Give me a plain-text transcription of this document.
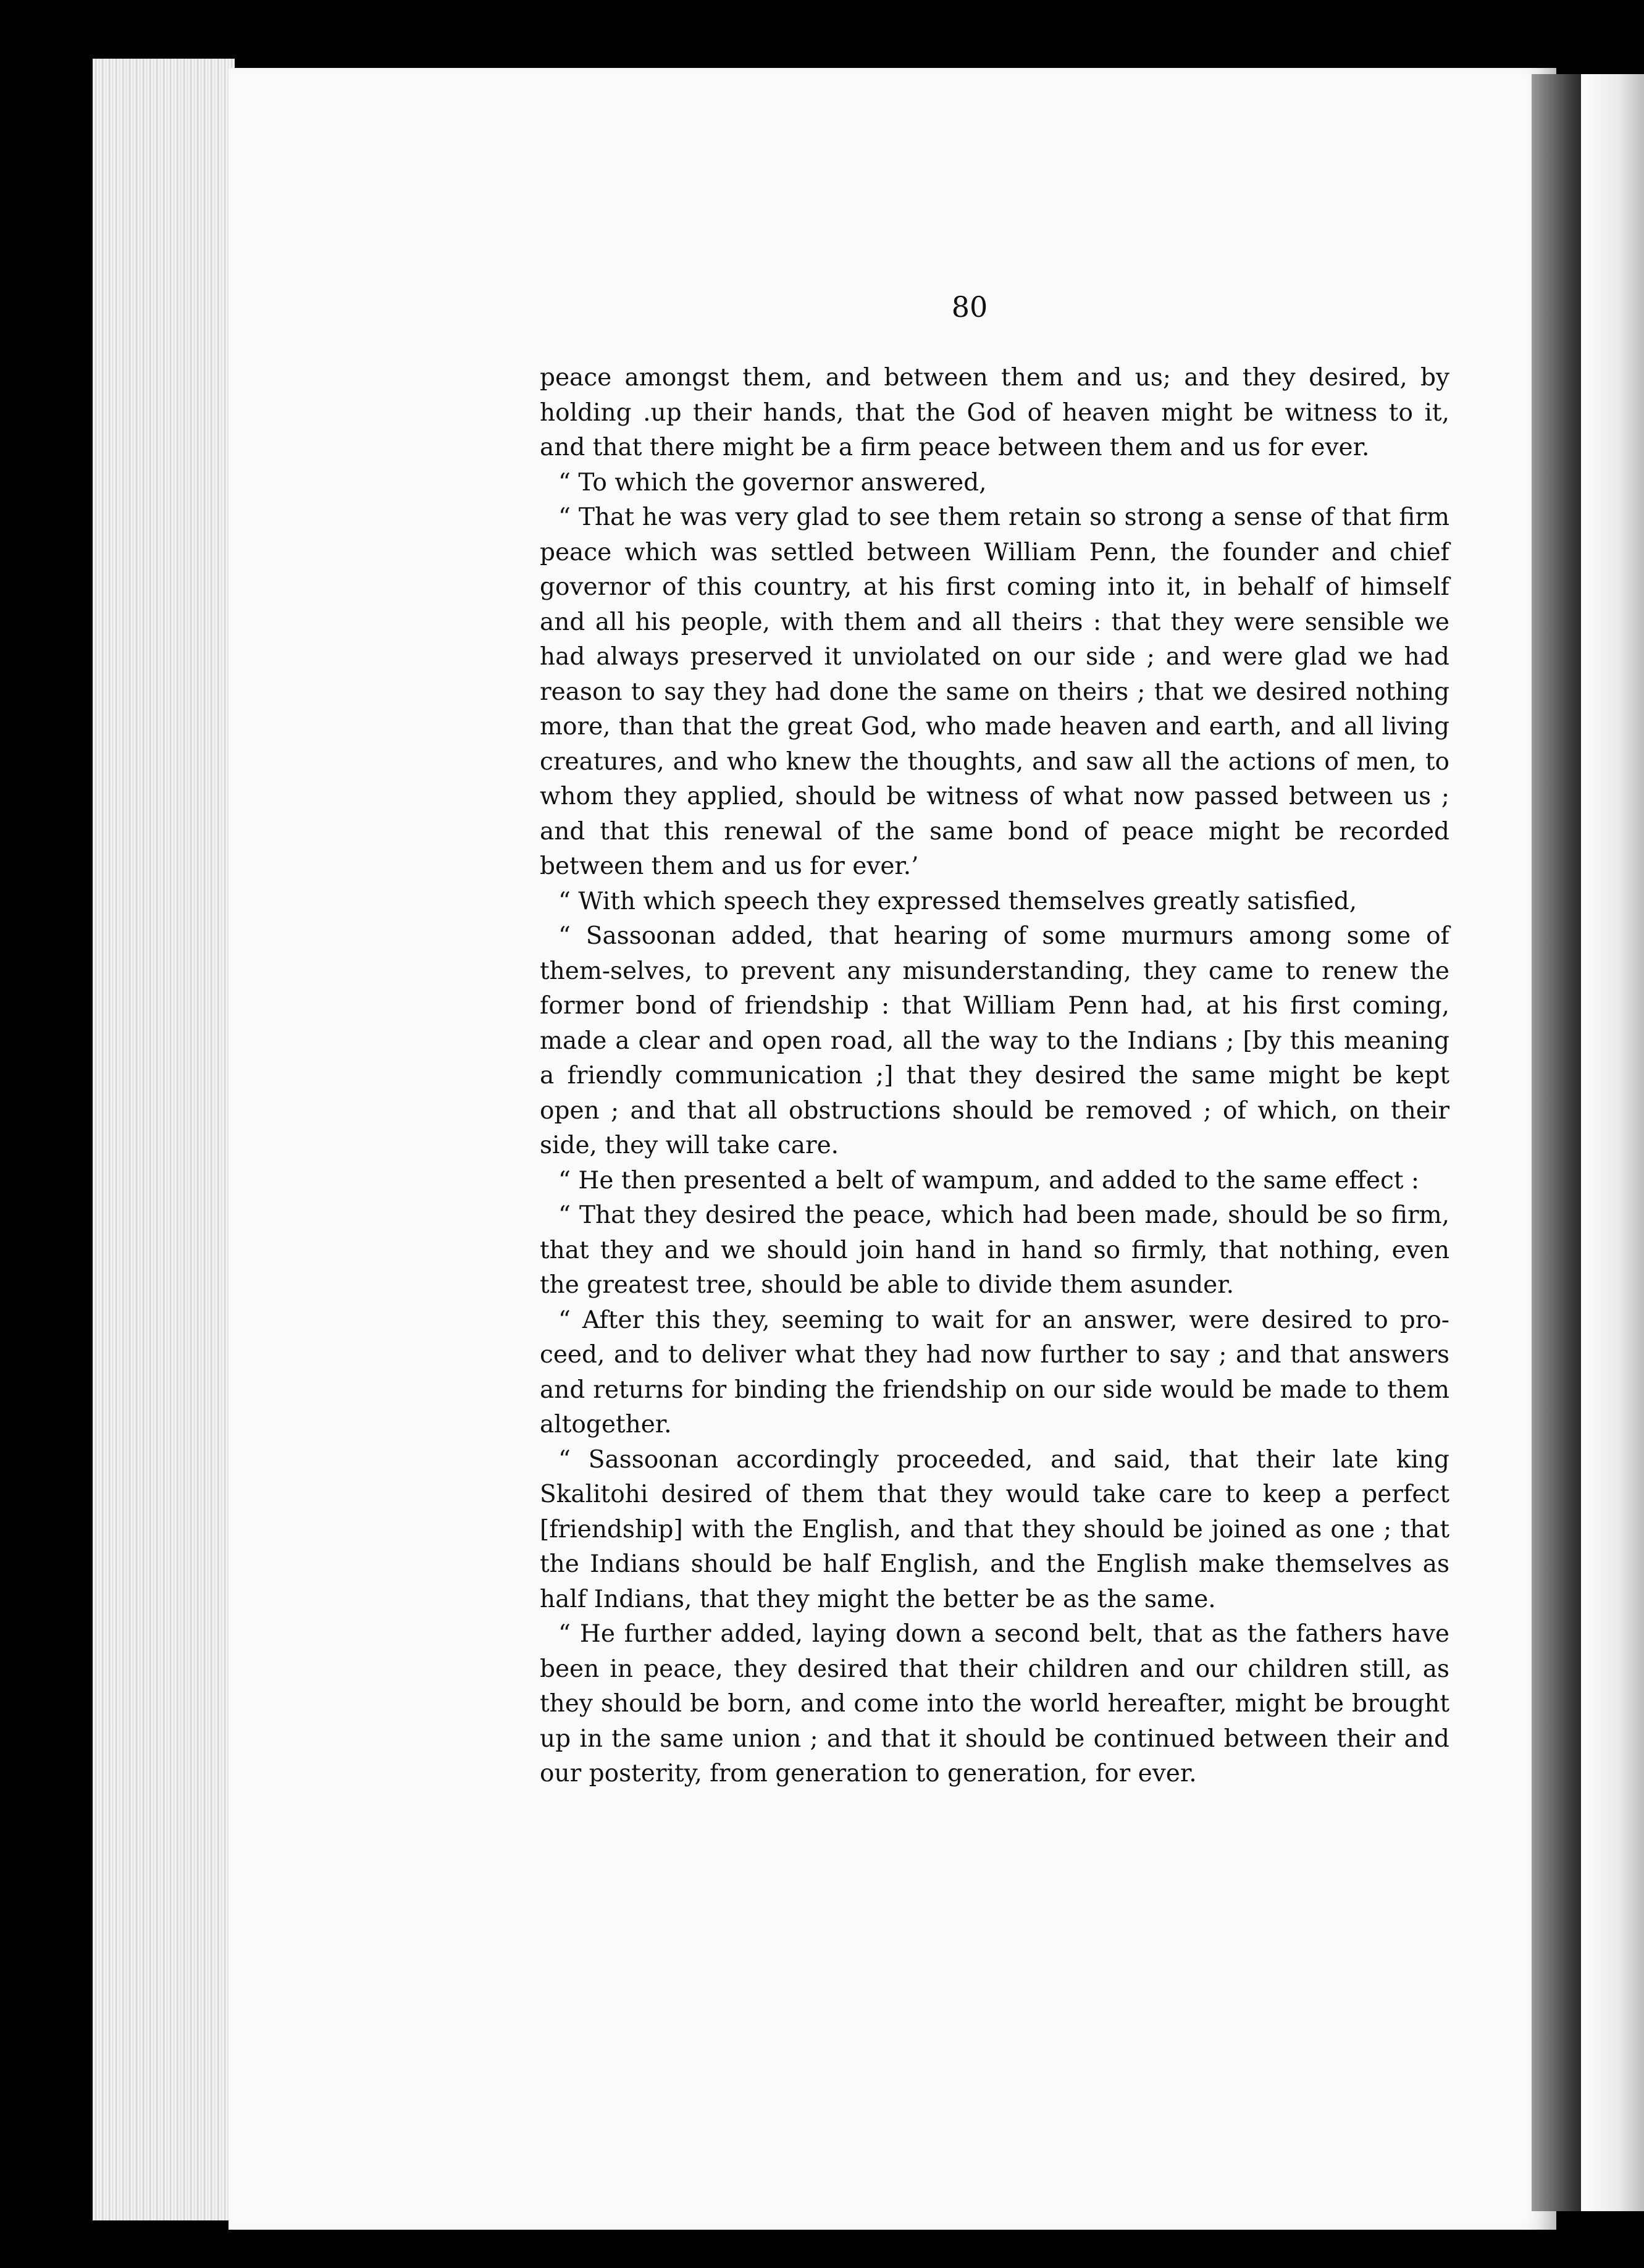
80

peace amongst them, and between them and us; and they desired, by holding .up their hands, that the God of heaven might be witness to it, and that there might be a firm peace between them and us for ever.

“ To which the governor answered,

“ That he was very glad to see them retain so strong a sense of that firm peace which was settled between William Penn, the founder and chief governor of this country, at his first coming into it, in behalf of himself and all his people, with them and all theirs : that they were sensible we had always preserved it unviolated on our side ; and were glad we had reason to say they had done the same on theirs ; that we desired nothing more, than that the great God, who made heaven and earth, and all living creatures, and who knew the thoughts, and saw all the actions of men, to whom they applied, should be witness of what now passed between us ; and that this renewal of the same bond of peace might be recorded between them and us for ever.’

“ With which speech they expressed themselves greatly satisfied,

“ Sassoonan added, that hearing of some murmurs among some of them-selves, to prevent any misunderstanding, they came to renew the former bond of friendship : that William Penn had, at his first coming, made a clear and open road, all the way to the Indians ; [by this meaning a friendly communication ;] that they desired the same might be kept open ; and that all obstructions should be removed ; of which, on their side, they will take care.

“ He then presented a belt of wampum, and added to the same effect :

“ That they desired the peace, which had been made, should be so firm, that they and we should join hand in hand so firmly, that nothing, even the greatest tree, should be able to divide them asunder.

“ After this they, seeming to wait for an answer, were desired to pro-ceed, and to deliver what they had now further to say ; and that answers and returns for binding the friendship on our side would be made to them altogether.

“ Sassoonan accordingly proceeded, and said, that their late king Skalitohi desired of them that they would take care to keep a perfect [friendship] with the English, and that they should be joined as one ; that the Indians should be half English, and the English make themselves as half Indians, that they might the better be as the same.

“ He further added, laying down a second belt, that as the fathers have been in peace, they desired that their children and our children still, as they should be born, and come into the world hereafter, might be brought up in the same union ; and that it should be continued between their and our posterity, from generation to generation, for ever.
